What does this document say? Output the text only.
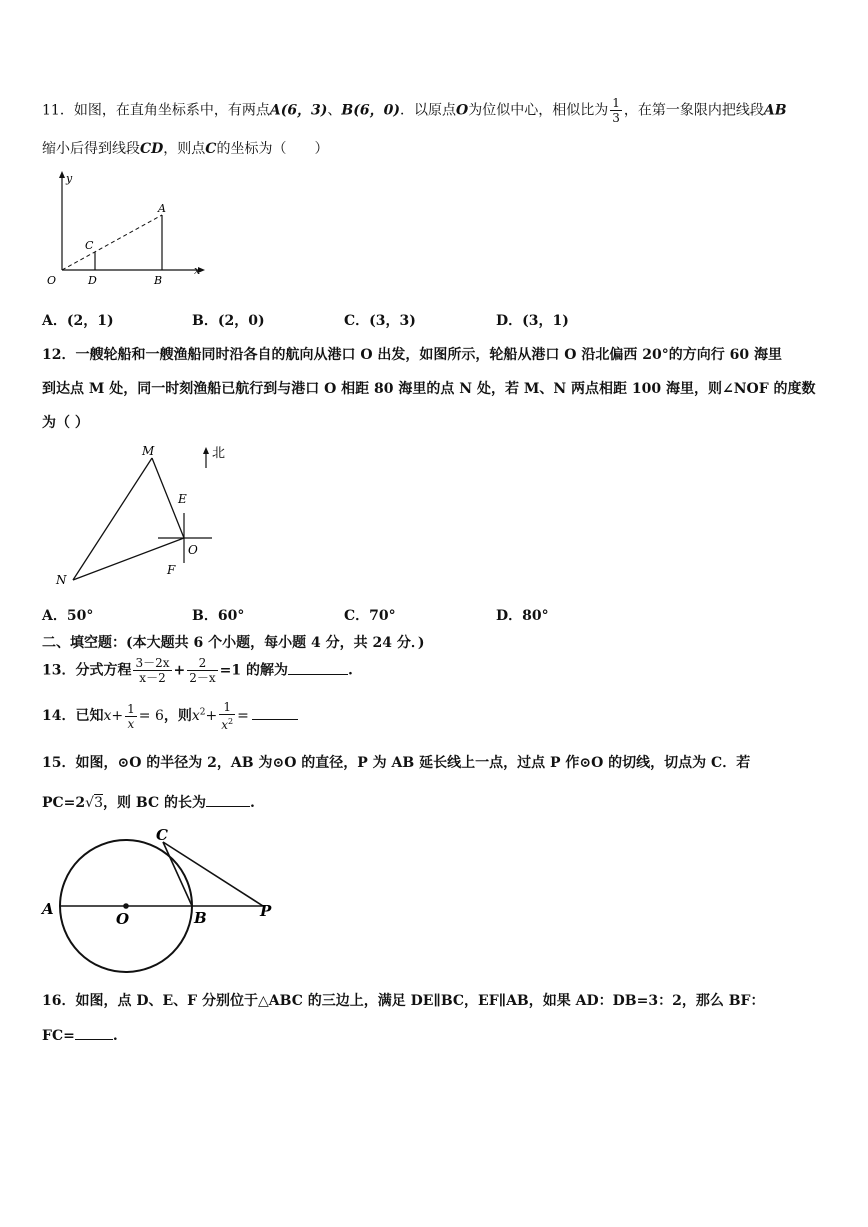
11．如图，在直角坐标系中，有两点A(6，3)、B(6，0)．以原点O为位似中心，相似比为 $\frac{1}{3}$ ，在第一象限内把线段AB
缩小后得到线段CD，则点C的坐标为（　　）
y
x
O
A
B
C
D
A．(2，1)	B．(2，0)	C．(3，3)	D．(3，1)
12．一艘轮船和一艘渔船同时沿各自的航向从港口 O 出发，如图所示，轮船从港口 O 沿北偏西 20°的方向行 60 海里
到达点 M 处，同一时刻渔船已航行到与港口 O 相距 80 海里的点 N 处，若 M、N 两点相距 100 海里，则∠NOF 的度数
为（ ）
北
M
E
O
N
F
A．50°	B．60°	C．70°	D．80°
二、填空题：(本大题共 6 个小题，每小题 4 分，共 24 分．)
13．分式方程 $\frac{3-2x}{x-2} + \frac{2}{2-x} =1$ 的解为	.
14．已知$x+ \frac{1}{x} = 6$，则$x^2+ \frac{1}{x^2}$ =
15．如图，⊙O 的半径为 2，AB 为⊙O 的直径，P 为 AB 延长线上一点，过点 P 作⊙O 的切线，切点为 C．若
PC=2√3，则 BC 的长为	.
A
O	B
C
P
16．如图，点 D、E、F 分别位于△ABC 的三边上，满足 DE∥BC，EF∥AB，如果 AD：DB=3：2，那么 BF：
FC=	.
